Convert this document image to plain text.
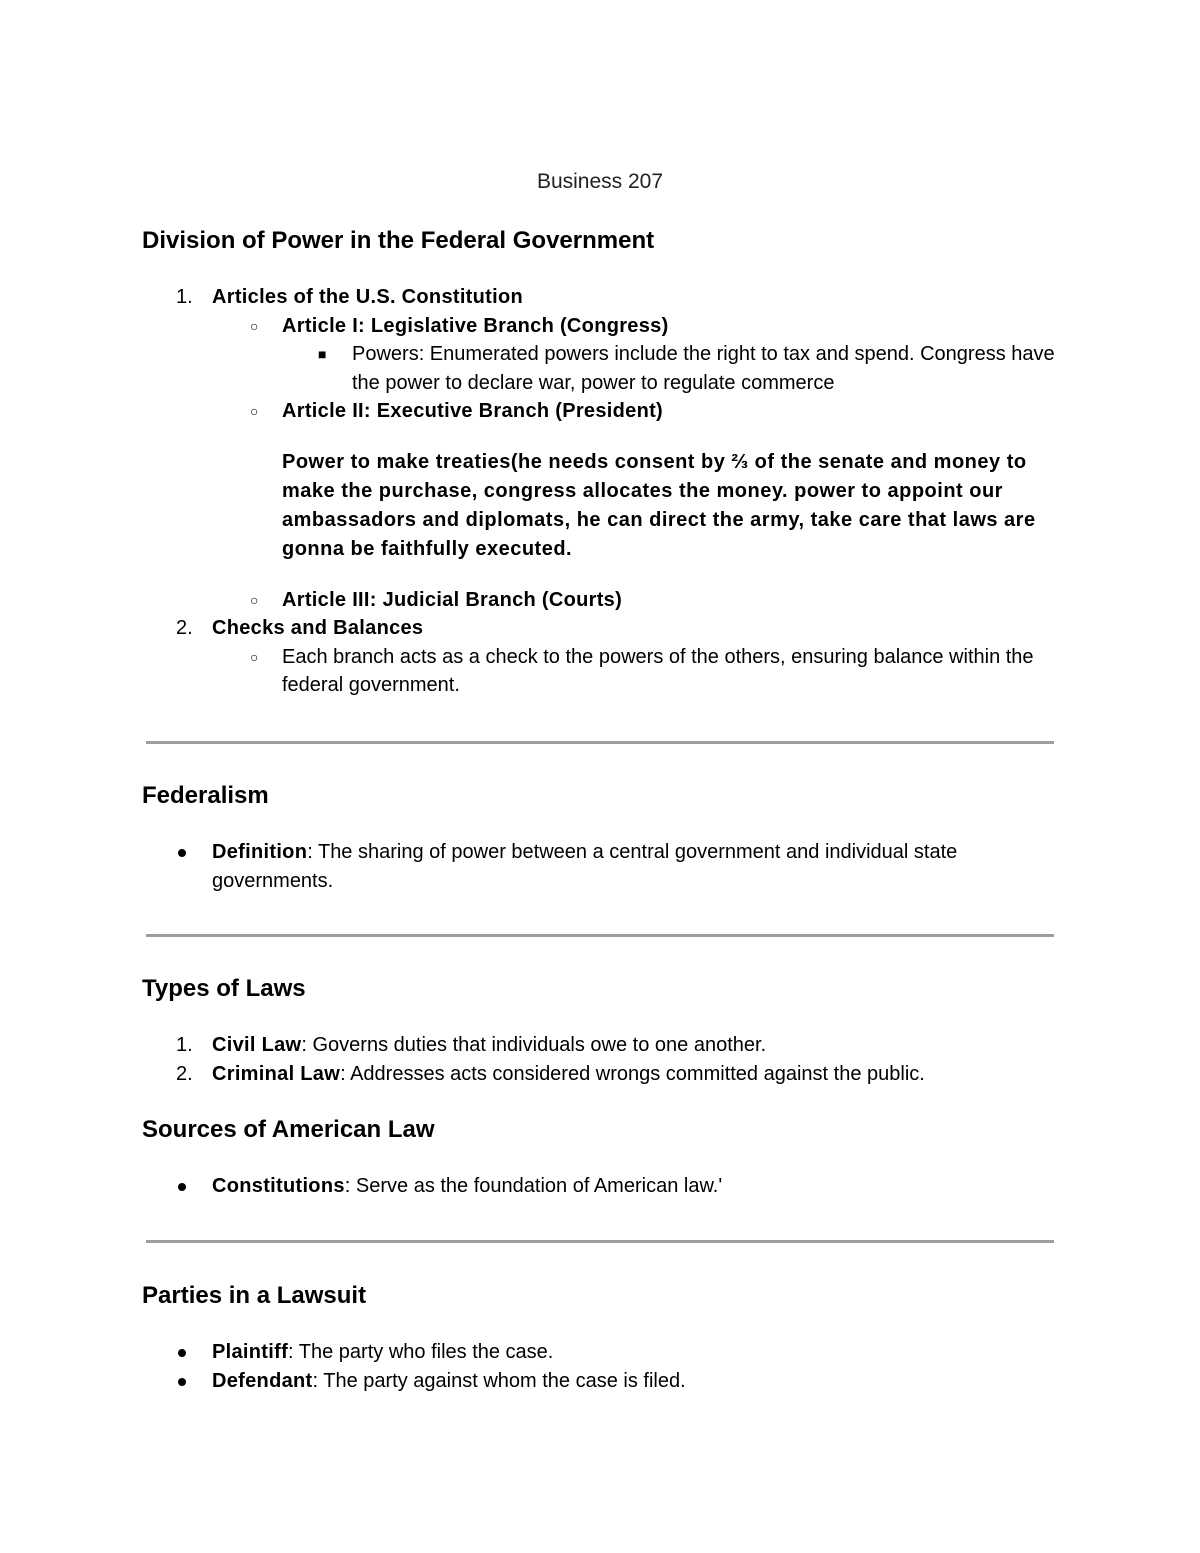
Business 207
Division of Power in the Federal Government
1. Articles of the U.S. Constitution
○ Article I: Legislative Branch (Congress)
■ Powers: Enumerated powers include the right to tax and spend. Congress have the power to declare war, power to regulate commerce
○ Article II: Executive Branch (President)
Power to make treaties(he needs consent by ⅔ of the senate and money to make the purchase, congress allocates the money. power to appoint our ambassadors and diplomats, he can direct the army, take care that laws are gonna be faithfully executed.
○ Article III: Judicial Branch (Courts)
2. Checks and Balances
○ Each branch acts as a check to the powers of the others, ensuring balance within the federal government.
Federalism
Definition: The sharing of power between a central government and individual state governments.
Types of Laws
1. Civil Law: Governs duties that individuals owe to one another.
2. Criminal Law: Addresses acts considered wrongs committed against the public.
Sources of American Law
Constitutions: Serve as the foundation of American law.'
Parties in a Lawsuit
Plaintiff: The party who files the case.
Defendant: The party against whom the case is filed.
